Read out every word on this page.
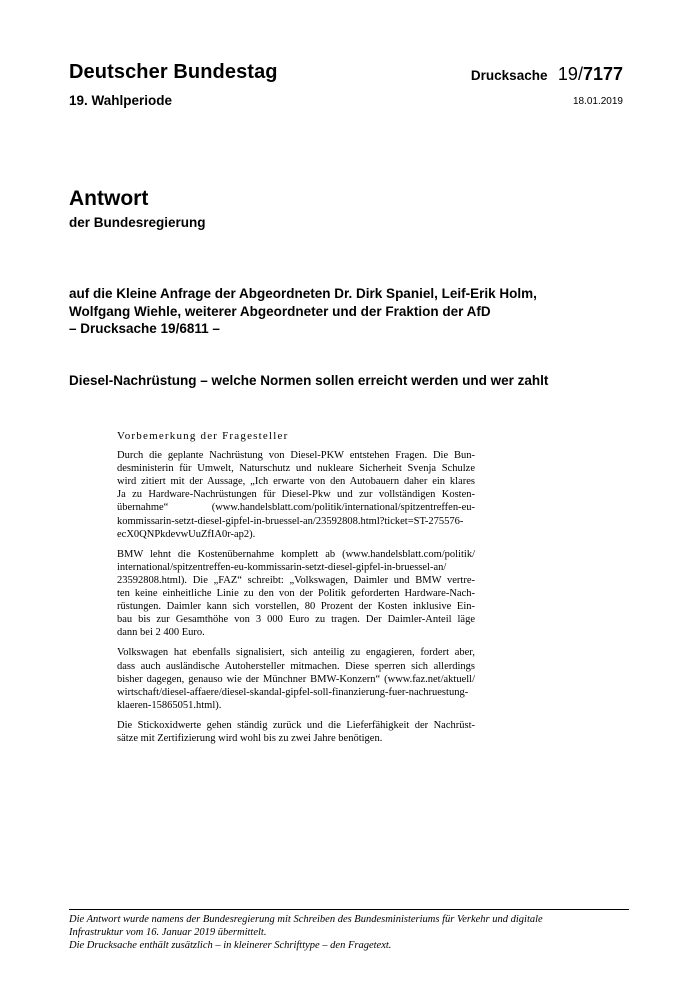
Deutscher Bundestag
19. Wahlperiode
Drucksache 19/7177
18.01.2019
Antwort
der Bundesregierung
auf die Kleine Anfrage der Abgeordneten Dr. Dirk Spaniel, Leif-Erik Holm,
Wolfgang Wiehle, weiterer Abgeordneter und der Fraktion der AfD
– Drucksache 19/6811 –
Diesel-Nachrüstung – welche Normen sollen erreicht werden und wer zahlt
Vorbemerkung der Fragesteller
Durch die geplante Nachrüstung von Diesel-PKW entstehen Fragen. Die Bun-
desministerin für Umwelt, Naturschutz und nukleare Sicherheit Svenja Schulze
wird zitiert mit der Aussage, „Ich erwarte von den Autobauern daher ein klares
Ja zu Hardware-Nachrüstungen für Diesel-Pkw und zur vollständigen Kosten-
übernahme“ (www.handelsblatt.com/politik/international/spitzentreffen-eu-
kommissarin-setzt-diesel-gipfel-in-bruessel-an/23592808.html?ticket=ST-275576-
ecX0QNPkdevwUuZfIA0r-ap2).
BMW lehnt die Kostenübernahme komplett ab (www.handelsblatt.com/politik/
international/spitzentreffen-eu-kommissarin-setzt-diesel-gipfel-in-bruessel-an/
23592808.html). Die „FAZ“ schreibt: „Volkswagen, Daimler und BMW vertre-
ten keine einheitliche Linie zu den von der Politik geforderten Hardware-Nach-
rüstungen. Daimler kann sich vorstellen, 80 Prozent der Kosten inklusive Ein-
bau bis zur Gesamthöhe von 3 000 Euro zu tragen. Der Daimler-Anteil läge
dann bei 2 400 Euro.
Volkswagen hat ebenfalls signalisiert, sich anteilig zu engagieren, fordert aber,
dass auch ausländische Autohersteller mitmachen. Diese sperren sich allerdings
bisher dagegen, genauso wie der Münchner BMW-Konzern“ (www.faz.net/aktuell/
wirtschaft/diesel-affaere/diesel-skandal-gipfel-soll-finanzierung-fuer-nachruestung-
klaeren-15865051.html).
Die Stickoxidwerte gehen ständig zurück und die Lieferfähigkeit der Nachrüst-
sätze mit Zertifizierung wird wohl bis zu zwei Jahre benötigen.
Die Antwort wurde namens der Bundesregierung mit Schreiben des Bundesministeriums für Verkehr und digitale
Infrastruktur vom 16. Januar 2019 übermittelt.
Die Drucksache enthält zusätzlich – in kleinerer Schrifttype – den Fragetext.
